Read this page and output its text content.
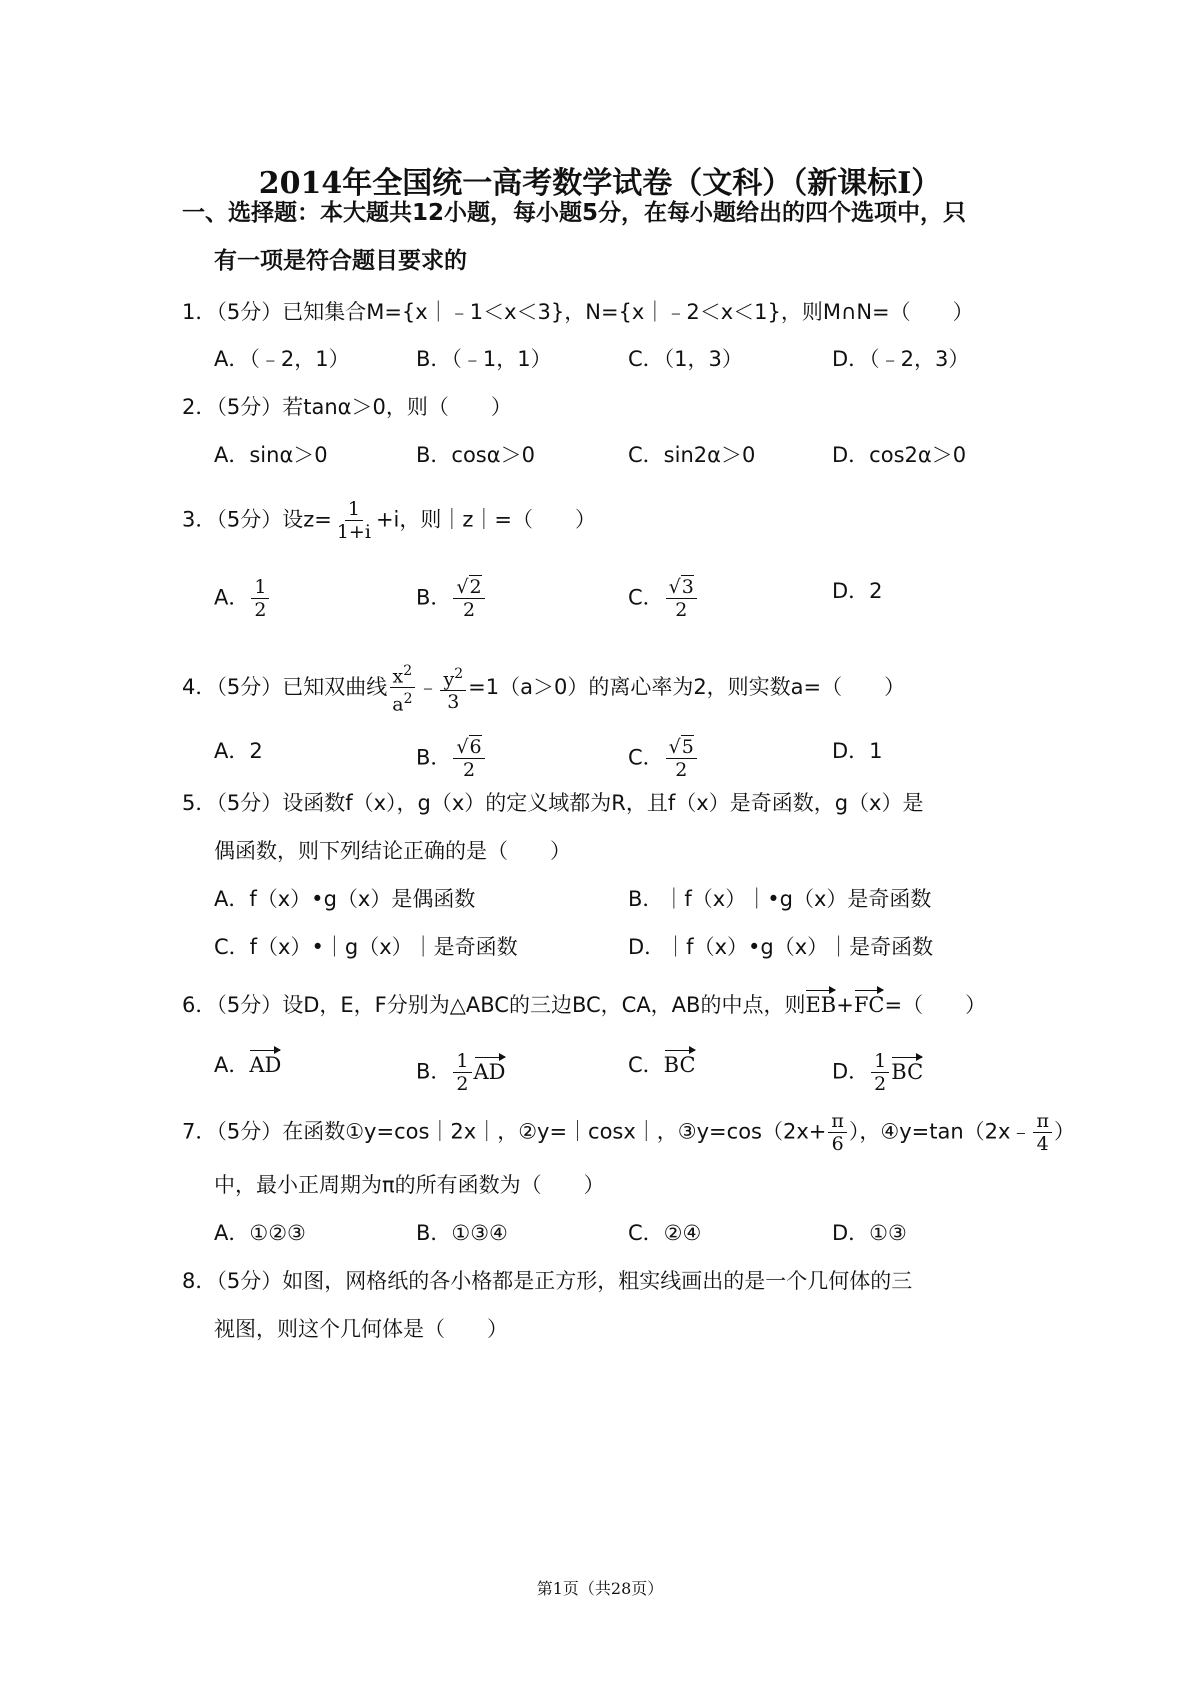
2014年全国统一高考数学试卷（文科）（新课标Ⅰ）
一、选择题：本大题共12小题，每小题5分，在每小题给出的四个选项中，只
有一项是符合题目要求的
1．（5分）已知集合M={x｜﹣1＜x＜3}，N={x｜﹣2＜x＜1}，则M∩N=（　　）
A．（﹣2，1）	B．（﹣1，1）	C．（1，3）	D．（﹣2，3）
2．（5分）若tanα＞0，则（　　）
A．sinα＞0	B．cosα＞0	C．sin2α＞0	D．cos2α＞0
3．（5分）设$z= \frac{1}{1+i} +i$，则｜z｜=（　　）
A． $\frac{1}{2}$	B． $\frac{√2}{2}$	C． $\frac{√3}{2}$	D．2
4．（5分）已知双曲线 $\frac{x^2}{a^2}$ ﹣ $\frac{y^2}{3} =1(a>0)$的离心率为2，则实数a=（　　）
A．2	B． $\frac{√6}{2}$	C． $\frac{√5}{2}$	D．1
5．（5分）设函数f（x），g（x）的定义域都为R，且f（x）是奇函数，g（x）是
偶函数，则下列结论正确的是（　　）
A．f（x）•g（x）是偶函数	B．｜f（x）｜•g（x）是奇函数
C．f（x）•｜g（x）｜是奇函数	D．｜f（x）•g（x）｜是奇函数
6．（5分）设D，E，F分别为△ABC的三边BC，CA，AB的中点，则EB+FC=（　　）
A．AD	B． $\frac{1}{2}$ AD	C．BC	D． $\frac{1}{2}$ BC
7．（5分）在函数①y=cos｜2x｜，②y=｜cosx｜，③y=cos（2x+ $\frac{\pi}{6}$ ），④y=tan（2x﹣ $\frac{\pi}{4}$ ）
中，最小正周期为π的所有函数为（　　）
A．①②③	B．①③④	C．②④	D．①③
8．（5分）如图，网格纸的各小格都是正方形，粗实线画出的是一个几何体的三
视图，则这个几何体是（　　）
第1页（共28页）
